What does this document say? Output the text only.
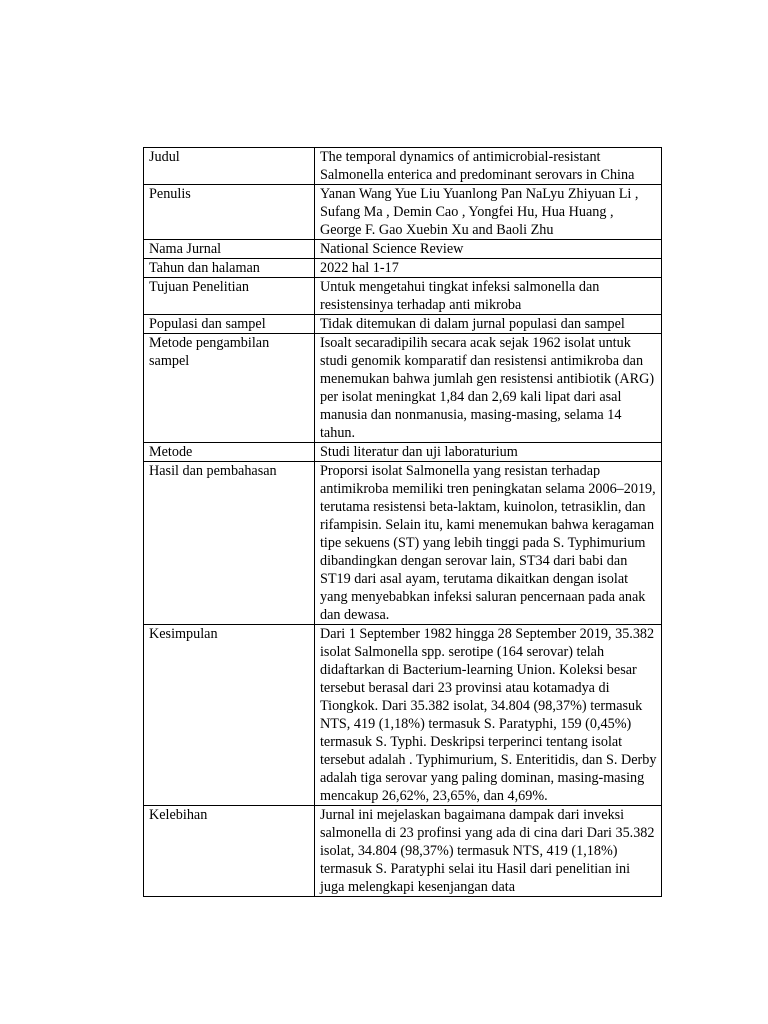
Judul	The temporal dynamics of antimicrobial-resistant Salmonella enterica and predominant serovars in China
Penulis	Yanan Wang Yue Liu Yuanlong Pan NaLyu Zhiyuan Li , Sufang Ma , Demin Cao , Yongfei Hu, Hua Huang , George F. Gao Xuebin Xu and Baoli Zhu
Nama Jurnal	National Science Review
Tahun dan halaman	2022 hal 1-17
Tujuan Penelitian	Untuk mengetahui tingkat infeksi salmonella dan resistensinya terhadap anti mikroba
Populasi dan sampel	Tidak ditemukan di dalam jurnal populasi dan sampel
Metode pengambilan sampel	Isoalt secaradipilih secara acak sejak 1962 isolat untuk studi genomik komparatif dan resistensi antimikroba dan menemukan bahwa jumlah gen resistensi antibiotik (ARG) per isolat meningkat 1,84 dan 2,69 kali lipat dari asal manusia dan nonmanusia, masing-masing, selama 14 tahun.
Metode	Studi literatur dan uji laboraturium
Hasil dan pembahasan	Proporsi isolat Salmonella yang resistan terhadap antimikroba memiliki tren peningkatan selama 2006–2019, terutama resistensi beta-laktam, kuinolon, tetrasiklin, dan rifampisin. Selain itu, kami menemukan bahwa keragaman tipe sekuens (ST) yang lebih tinggi pada S. Typhimurium dibandingkan dengan serovar lain, ST34 dari babi dan ST19 dari asal ayam, terutama dikaitkan dengan isolat yang menyebabkan infeksi saluran pencernaan pada anak dan dewasa.
Kesimpulan	Dari 1 September 1982 hingga 28 September 2019, 35.382 isolat Salmonella spp. serotipe (164 serovar) telah didaftarkan di Bacterium-learning Union. Koleksi besar tersebut berasal dari 23 provinsi atau kotamadya di Tiongkok. Dari 35.382 isolat, 34.804 (98,37%) termasuk NTS, 419 (1,18%) termasuk S. Paratyphi, 159 (0,45%) termasuk S. Typhi. Deskripsi terperinci tentang isolat tersebut adalah . Typhimurium, S. Enteritidis, dan S. Derby adalah tiga serovar yang paling dominan, masing-masing mencakup 26,62%, 23,65%, dan 4,69%.
Kelebihan	Jurnal ini mejelaskan bagaimana dampak dari inveksi salmonella di 23 profinsi yang ada di cina dari Dari 35.382 isolat, 34.804 (98,37%) termasuk NTS, 419 (1,18%) termasuk S. Paratyphi selai itu Hasil dari penelitian ini juga melengkapi kesenjangan data
